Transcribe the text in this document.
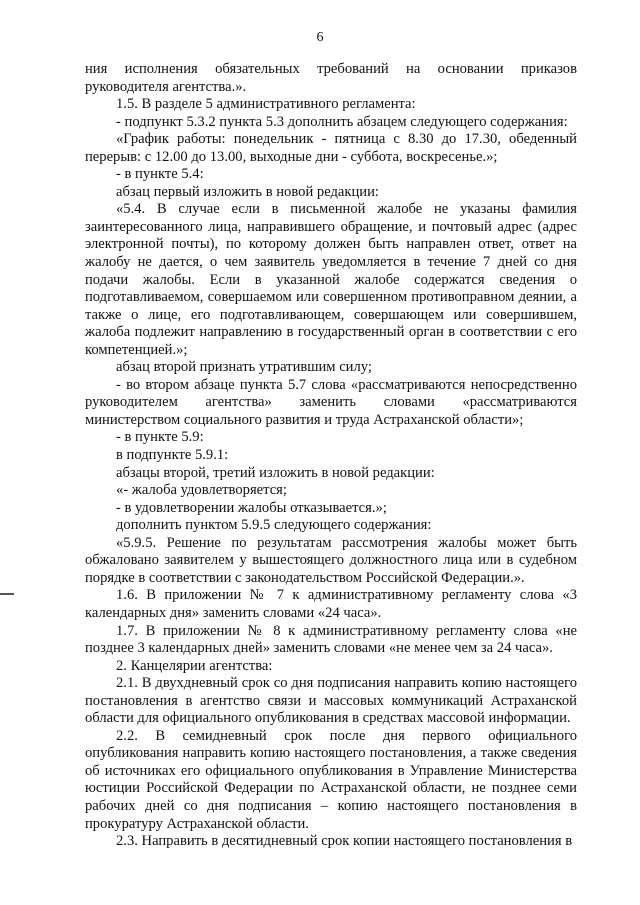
6

ния исполнения обязательных требований на основании приказов руководителя агентства.».

1.5. В разделе 5 административного регламента:

- подпункт 5.3.2 пункта 5.3 дополнить абзацем следующего содержания:

«График работы: понедельник - пятница с 8.30 до 17.30, обеденный перерыв: с 12.00 до 13.00, выходные дни - суббота, воскресенье.»;

- в пункте 5.4:

абзац первый изложить в новой редакции:

«5.4. В случае если в письменной жалобе не указаны фамилия заинтересованного лица, направившего обращение, и почтовый адрес (адрес электронной почты), по которому должен быть направлен ответ, ответ на жалобу не дается, о чем заявитель уведомляется в течение 7 дней со дня подачи жалобы. Если в указанной жалобе содержатся сведения о подготавливаемом, совершаемом или совершенном противоправном деянии, а также о лице, его подготавливающем, совершающем или совершившем, жалоба подлежит направлению в государственный орган в соответствии с его компетенцией.»;

абзац второй признать утратившим силу;

- во втором абзаце пункта 5.7 слова «рассматриваются непосредственно руководителем агентства» заменить словами «рассматриваются министерством социального развития и труда Астраханской области»;

- в пункте 5.9:

в подпункте 5.9.1:

абзацы второй, третий изложить в новой редакции:

«- жалоба удовлетворяется;

- в удовлетворении жалобы отказывается.»;

дополнить пунктом 5.9.5 следующего содержания:

«5.9.5. Решение по результатам рассмотрения жалобы может быть обжаловано заявителем у вышестоящего должностного лица или в судебном порядке в соответствии с законодательством Российской Федерации.».

1.6. В приложении № 7 к административному регламенту слова «3 календарных дня» заменить словами «24 часа».

1.7. В приложении № 8 к административному регламенту слова «не позднее 3 календарных дней» заменить словами «не менее чем за 24 часа».

2. Канцелярии агентства:

2.1. В двухдневный срок со дня подписания направить копию настоящего постановления в агентство связи и массовых коммуникаций Астраханской области для официального опубликования в средствах массовой информации.

2.2. В семидневный срок после дня первого официального опубликования направить копию настоящего постановления, а также сведения об источниках его официального опубликования в Управление Министерства юстиции Российской Федерации по Астраханской области, не позднее семи рабочих дней со дня подписания – копию настоящего постановления в прокуратуру Астраханской области.

2.3. Направить в десятидневный срок копии настоящего постановления в
